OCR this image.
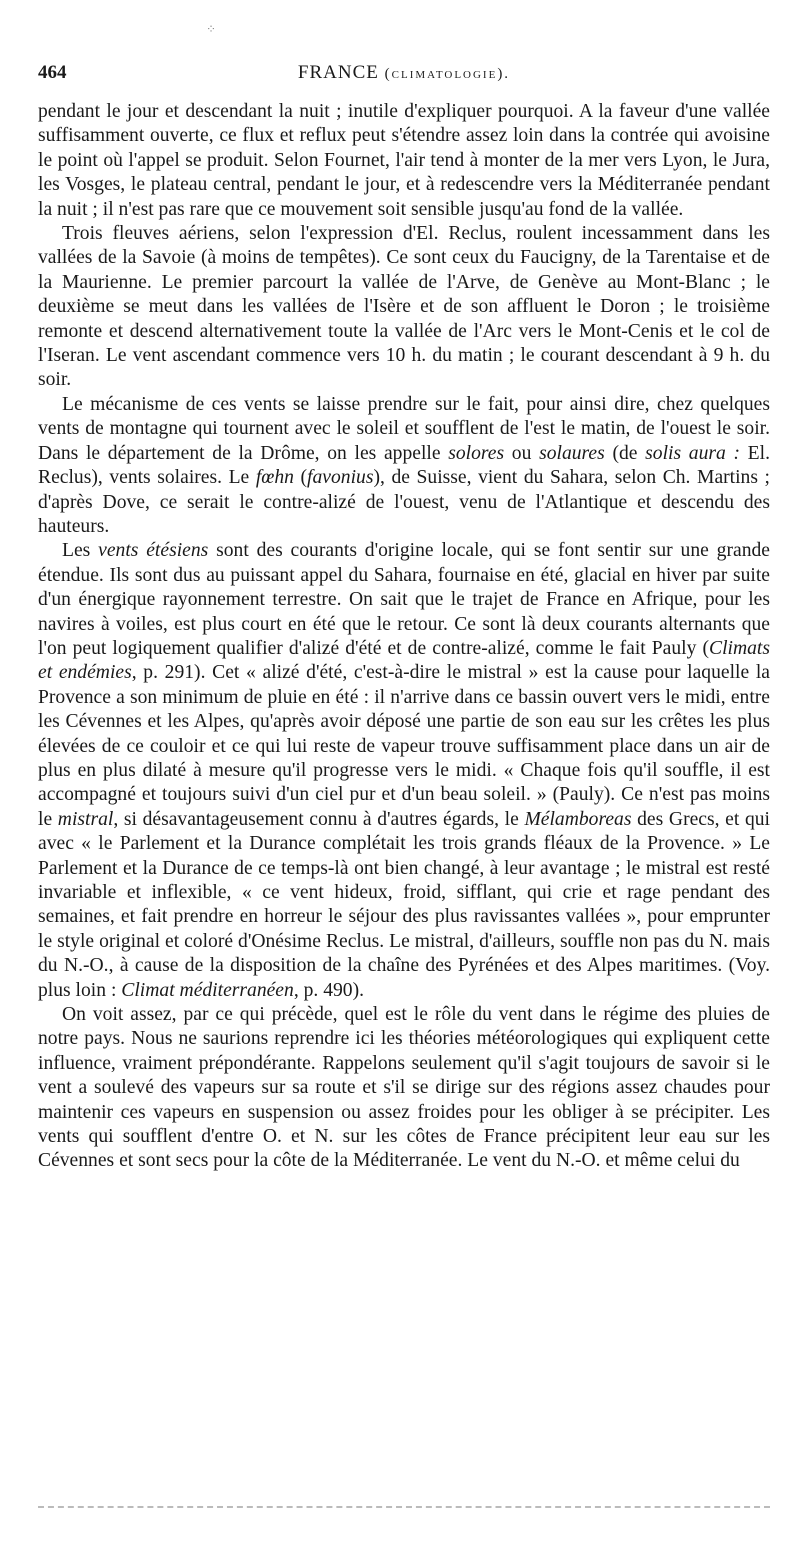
⁘
464	FRANCE (climatologie).

pendant le jour et descendant la nuit ; inutile d'expliquer pourquoi. A la faveur d'une vallée suffisamment ouverte, ce flux et reflux peut s'étendre assez loin dans la contrée qui avoisine le point où l'appel se produit. Selon Fournet, l'air tend à monter de la mer vers Lyon, le Jura, les Vosges, le plateau central, pendant le jour, et à redescendre vers la Méditerranée pendant la nuit ; il n'est pas rare que ce mouvement soit sensible jusqu'au fond de la vallée.

Trois fleuves aériens, selon l'expression d'El. Reclus, roulent incessamment dans les vallées de la Savoie (à moins de tempêtes). Ce sont ceux du Faucigny, de la Tarentaise et de la Maurienne. Le premier parcourt la vallée de l'Arve, de Genève au Mont-Blanc ; le deuxième se meut dans les vallées de l'Isère et de son affluent le Doron ; le troisième remonte et descend alternativement toute la vallée de l'Arc vers le Mont-Cenis et le col de l'Iseran. Le vent ascendant commence vers 10 h. du matin ; le courant descendant à 9 h. du soir.

Le mécanisme de ces vents se laisse prendre sur le fait, pour ainsi dire, chez quelques vents de montagne qui tournent avec le soleil et soufflent de l'est le matin, de l'ouest le soir. Dans le département de la Drôme, on les appelle solores ou solaures (de solis aura : El. Reclus), vents solaires. Le fœhn (favonius), de Suisse, vient du Sahara, selon Ch. Martins ; d'après Dove, ce serait le contre-alizé de l'ouest, venu de l'Atlantique et descendu des hauteurs.

Les vents étésiens sont des courants d'origine locale, qui se font sentir sur une grande étendue. Ils sont dus au puissant appel du Sahara, fournaise en été, glacial en hiver par suite d'un énergique rayonnement terrestre. On sait que le trajet de France en Afrique, pour les navires à voiles, est plus court en été que le retour. Ce sont là deux courants alternants que l'on peut logiquement qualifier d'alizé d'été et de contre-alizé, comme le fait Pauly (Climats et endémies, p. 291). Cet « alizé d'été, c'est-à-dire le mistral » est la cause pour laquelle la Provence a son minimum de pluie en été : il n'arrive dans ce bassin ouvert vers le midi, entre les Cévennes et les Alpes, qu'après avoir déposé une partie de son eau sur les crêtes les plus élevées de ce couloir et ce qui lui reste de vapeur trouve suffisamment place dans un air de plus en plus dilaté à mesure qu'il progresse vers le midi. « Chaque fois qu'il souffle, il est accompagné et toujours suivi d'un ciel pur et d'un beau soleil. » (Pauly). Ce n'est pas moins le mistral, si désavantageusement connu à d'autres égards, le Mélamboreas des Grecs, et qui avec « le Parlement et la Durance complétait les trois grands fléaux de la Provence. » Le Parlement et la Durance de ce temps-là ont bien changé, à leur avantage ; le mistral est resté invariable et inflexible, « ce vent hideux, froid, sifflant, qui crie et rage pendant des semaines, et fait prendre en horreur le séjour des plus ravissantes vallées », pour emprunter le style original et coloré d'Onésime Reclus. Le mistral, d'ailleurs, souffle non pas du N. mais du N.-O., à cause de la disposition de la chaîne des Pyrénées et des Alpes maritimes. (Voy. plus loin : Climat méditerranéen, p. 490).

On voit assez, par ce qui précède, quel est le rôle du vent dans le régime des pluies de notre pays. Nous ne saurions reprendre ici les théories météorologiques qui expliquent cette influence, vraiment prépondérante. Rappelons seulement qu'il s'agit toujours de savoir si le vent a soulevé des vapeurs sur sa route et s'il se dirige sur des régions assez chaudes pour maintenir ces vapeurs en suspension ou assez froides pour les obliger à se précipiter. Les vents qui soufflent d'entre O. et N. sur les côtes de France précipitent leur eau sur les Cévennes et sont secs pour la côte de la Méditerranée. Le vent du N.-O. et même celui du
